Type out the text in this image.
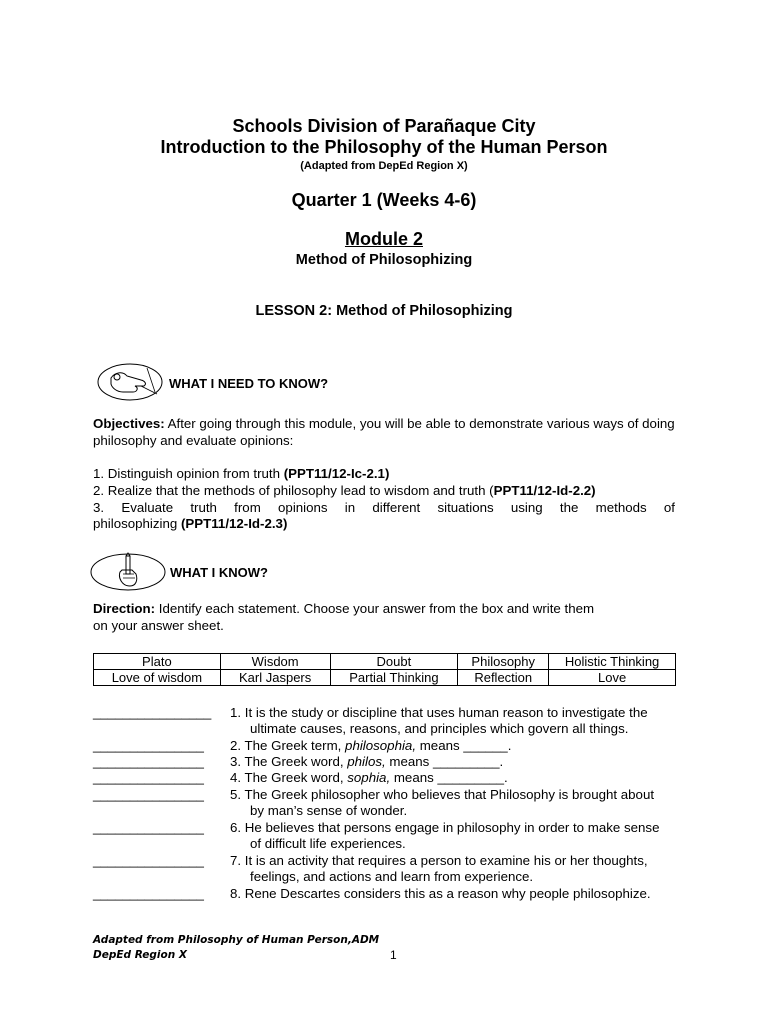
Schools Division of Parañaque City
Introduction to the Philosophy of the Human Person
(Adapted from DepEd Region X)
Quarter 1 (Weeks 4-6)
Module 2
Method of Philosophizing
LESSON 2: Method of Philosophizing
WHAT I NEED TO KNOW?
Objectives: After going through this module, you will be able to demonstrate various ways of doing philosophy and evaluate opinions:
1. Distinguish opinion from truth (PPT11/12-Ic-2.1)
2. Realize that the methods of philosophy lead to wisdom and truth (PPT11/12-Id-2.2)
3. Evaluate truth from opinions in different situations using the methods of
philosophizing (PPT11/12-Id-2.3)
WHAT I KNOW?
Direction: Identify each statement. Choose your answer from the box and write them
on your answer sheet.
Plato	Wisdom	Doubt	Philosophy	Holistic Thinking
Love of wisdom	Karl Jaspers	Partial Thinking	Reflection	Love
________________ 1. It is the study or discipline that uses human reason to investigate the
ultimate causes, reasons, and principles which govern all things.
_______________ 2. The Greek term, philosophia, means ______.
_______________ 3. The Greek word, philos, means _________.
_______________ 4. The Greek word, sophia, means _________.
_______________ 5. The Greek philosopher who believes that Philosophy is brought about
by man’s sense of wonder.
_______________ 6. He believes that persons engage in philosophy in order to make sense
of difficult life experiences.
_______________ 7. It is an activity that requires a person to examine his or her thoughts,
feelings, and actions and learn from experience.
_______________ 8. Rene Descartes considers this as a reason why people philosophize.
Adapted from Philosophy of Human Person,ADM
DepEd Region X	1
